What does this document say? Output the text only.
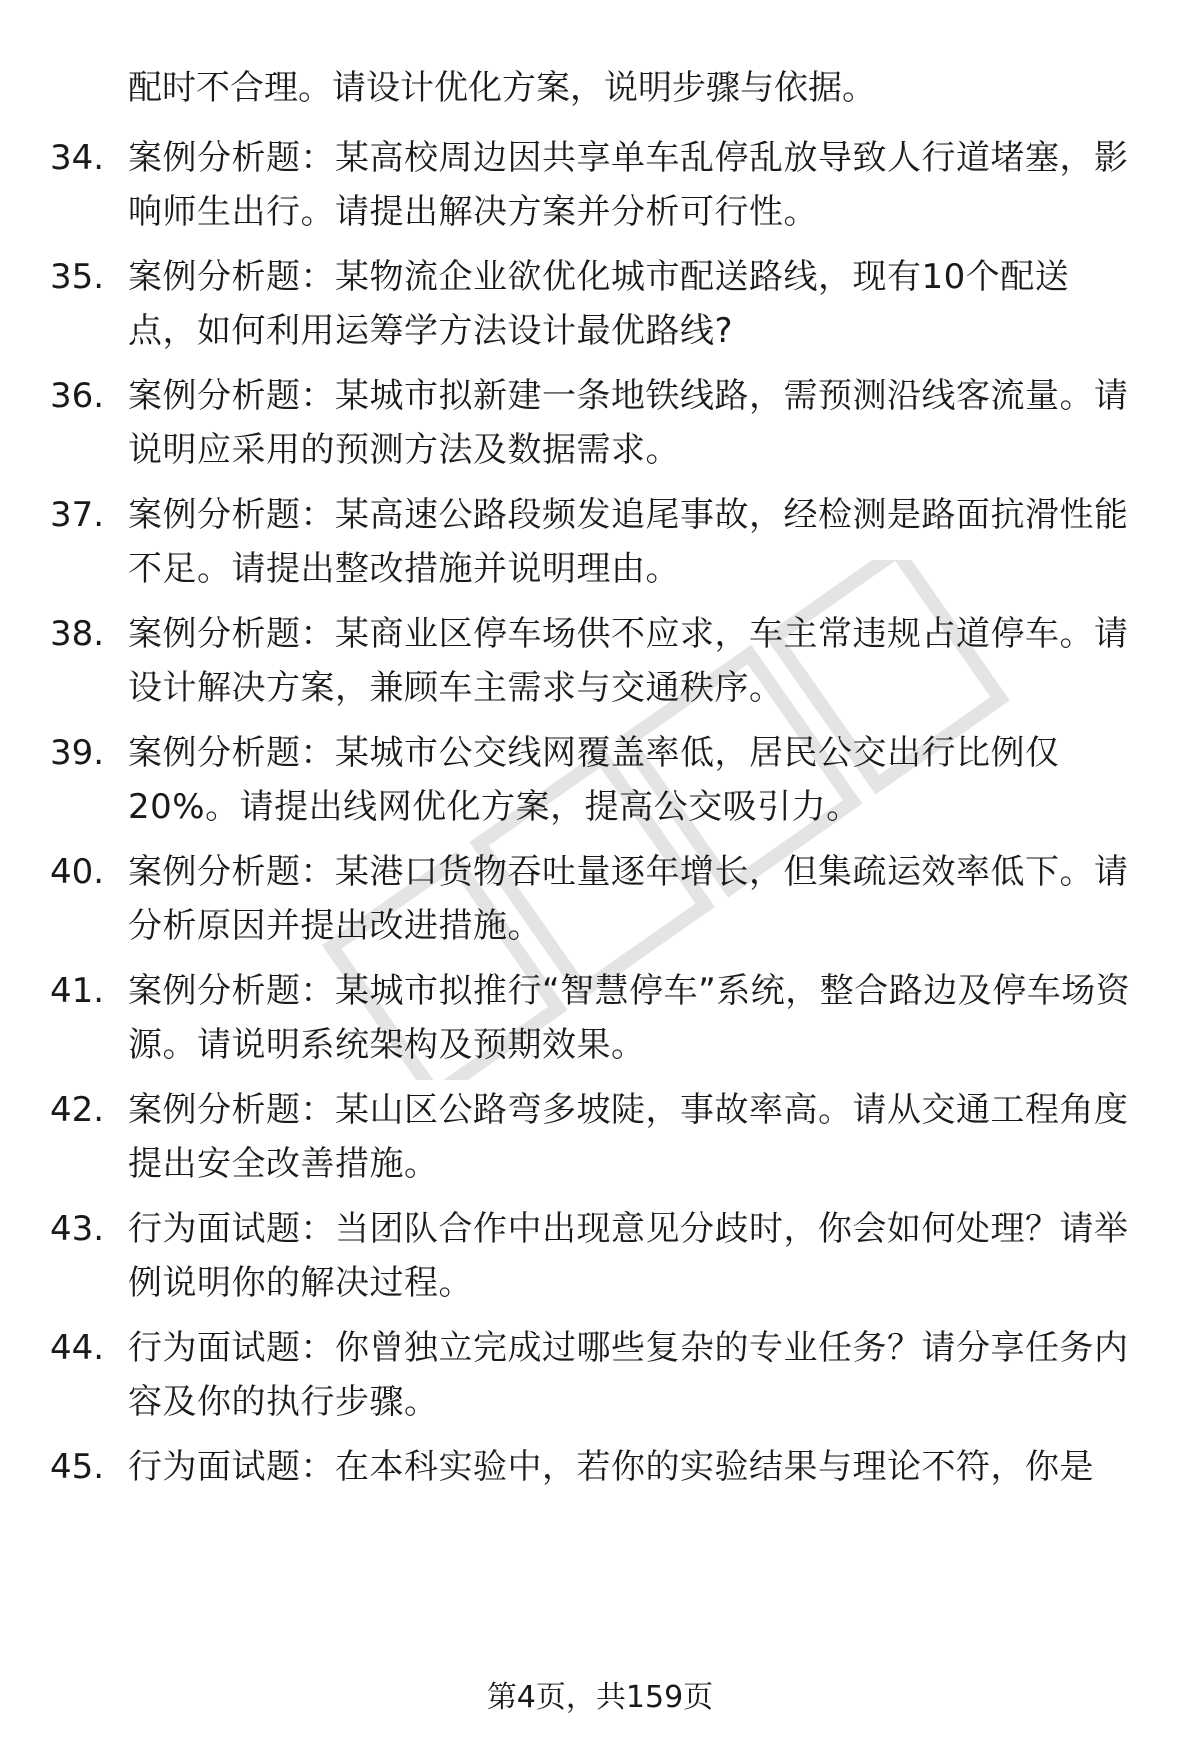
配时不合理。请设计优化方案，说明步骤与依据。
34. 案例分析题：某高校周边因共享单车乱停乱放导致人行道堵塞，影响师生出行。请提出解决方案并分析可行性。
35. 案例分析题：某物流企业欲优化城市配送路线，现有10个配送点，如何利用运筹学方法设计最优路线?
36. 案例分析题：某城市拟新建一条地铁线路，需预测沿线客流量。请说明应采用的预测方法及数据需求。
37. 案例分析题：某高速公路段频发追尾事故，经检测是路面抗滑性能不足。请提出整改措施并说明理由。
38. 案例分析题：某商业区停车场供不应求，车主常违规占道停车。请设计解决方案，兼顾车主需求与交通秩序。
39. 案例分析题：某城市公交线网覆盖率低，居民公交出行比例仅20%。请提出线网优化方案，提高公交吸引力。
40. 案例分析题：某港口货物吞吐量逐年增长，但集疏运效率低下。请分析原因并提出改进措施。
41. 案例分析题：某城市拟推行“智慧停车”系统，整合路边及停车场资源。请说明系统架构及预期效果。
42. 案例分析题：某山区公路弯多坡陡，事故率高。请从交通工程角度提出安全改善措施。
43. 行为面试题：当团队合作中出现意见分歧时，你会如何处理？请举例说明你的解决过程。
44. 行为面试题：你曾独立完成过哪些复杂的专业任务？请分享任务内容及你的执行步骤。
45. 行为面试题：在本科实验中，若你的实验结果与理论不符，你是
第4页，共159页
